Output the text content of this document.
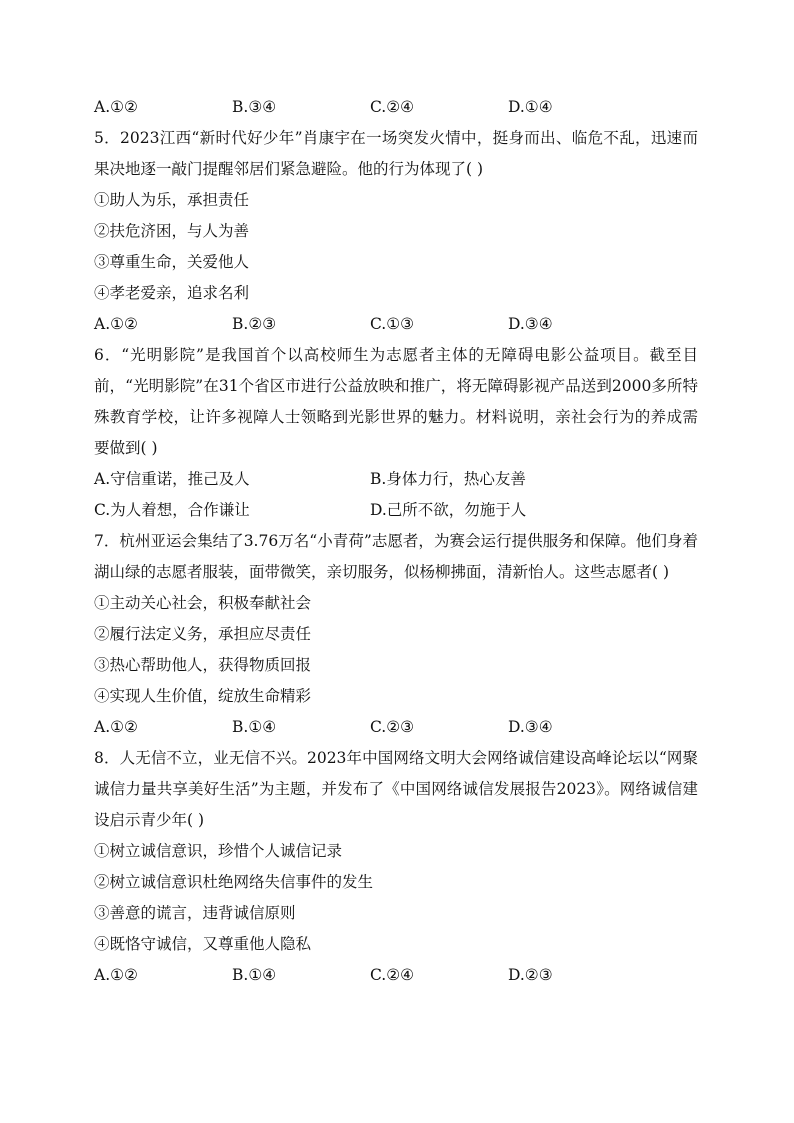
A.①②	B.③④	C.②④	D.①④
5．2023江西“新时代好少年”肖康宇在一场突发火情中，挺身而出、临危不乱，迅速而果决地逐一敲门提醒邻居们紧急避险。他的行为体现了( )
①助人为乐，承担责任
②扶危济困，与人为善
③尊重生命，关爱他人
④孝老爱亲，追求名利
A.①②	B.②③	C.①③	D.③④
6．“光明影院”是我国首个以高校师生为志愿者主体的无障碍电影公益项目。截至目前，“光明影院”在31个省区市进行公益放映和推广，将无障碍影视产品送到2000多所特殊教育学校，让许多视障人士领略到光影世界的魅力。材料说明，亲社会行为的养成需要做到( )
A.守信重诺，推己及人	B.身体力行，热心友善
C.为人着想，合作谦让	D.己所不欲，勿施于人
7．杭州亚运会集结了3.76万名“小青荷”志愿者，为赛会运行提供服务和保障。他们身着湖山绿的志愿者服装，面带微笑，亲切服务，似杨柳拂面，清新怡人。这些志愿者( )
①主动关心社会，积极奉献社会
②履行法定义务，承担应尽责任
③热心帮助他人，获得物质回报
④实现人生价值，绽放生命精彩
A.①②	B.①④	C.②③	D.③④
8．人无信不立，业无信不兴。2023年中国网络文明大会网络诚信建设高峰论坛以“网聚诚信力量共享美好生活”为主题，并发布了《中国网络诚信发展报告2023》。网络诚信建设启示青少年( )
①树立诚信意识，珍惜个人诚信记录
②树立诚信意识杜绝网络失信事件的发生
③善意的谎言，违背诚信原则
④既恪守诚信，又尊重他人隐私
A.①②	B.①④	C.②④	D.②③
